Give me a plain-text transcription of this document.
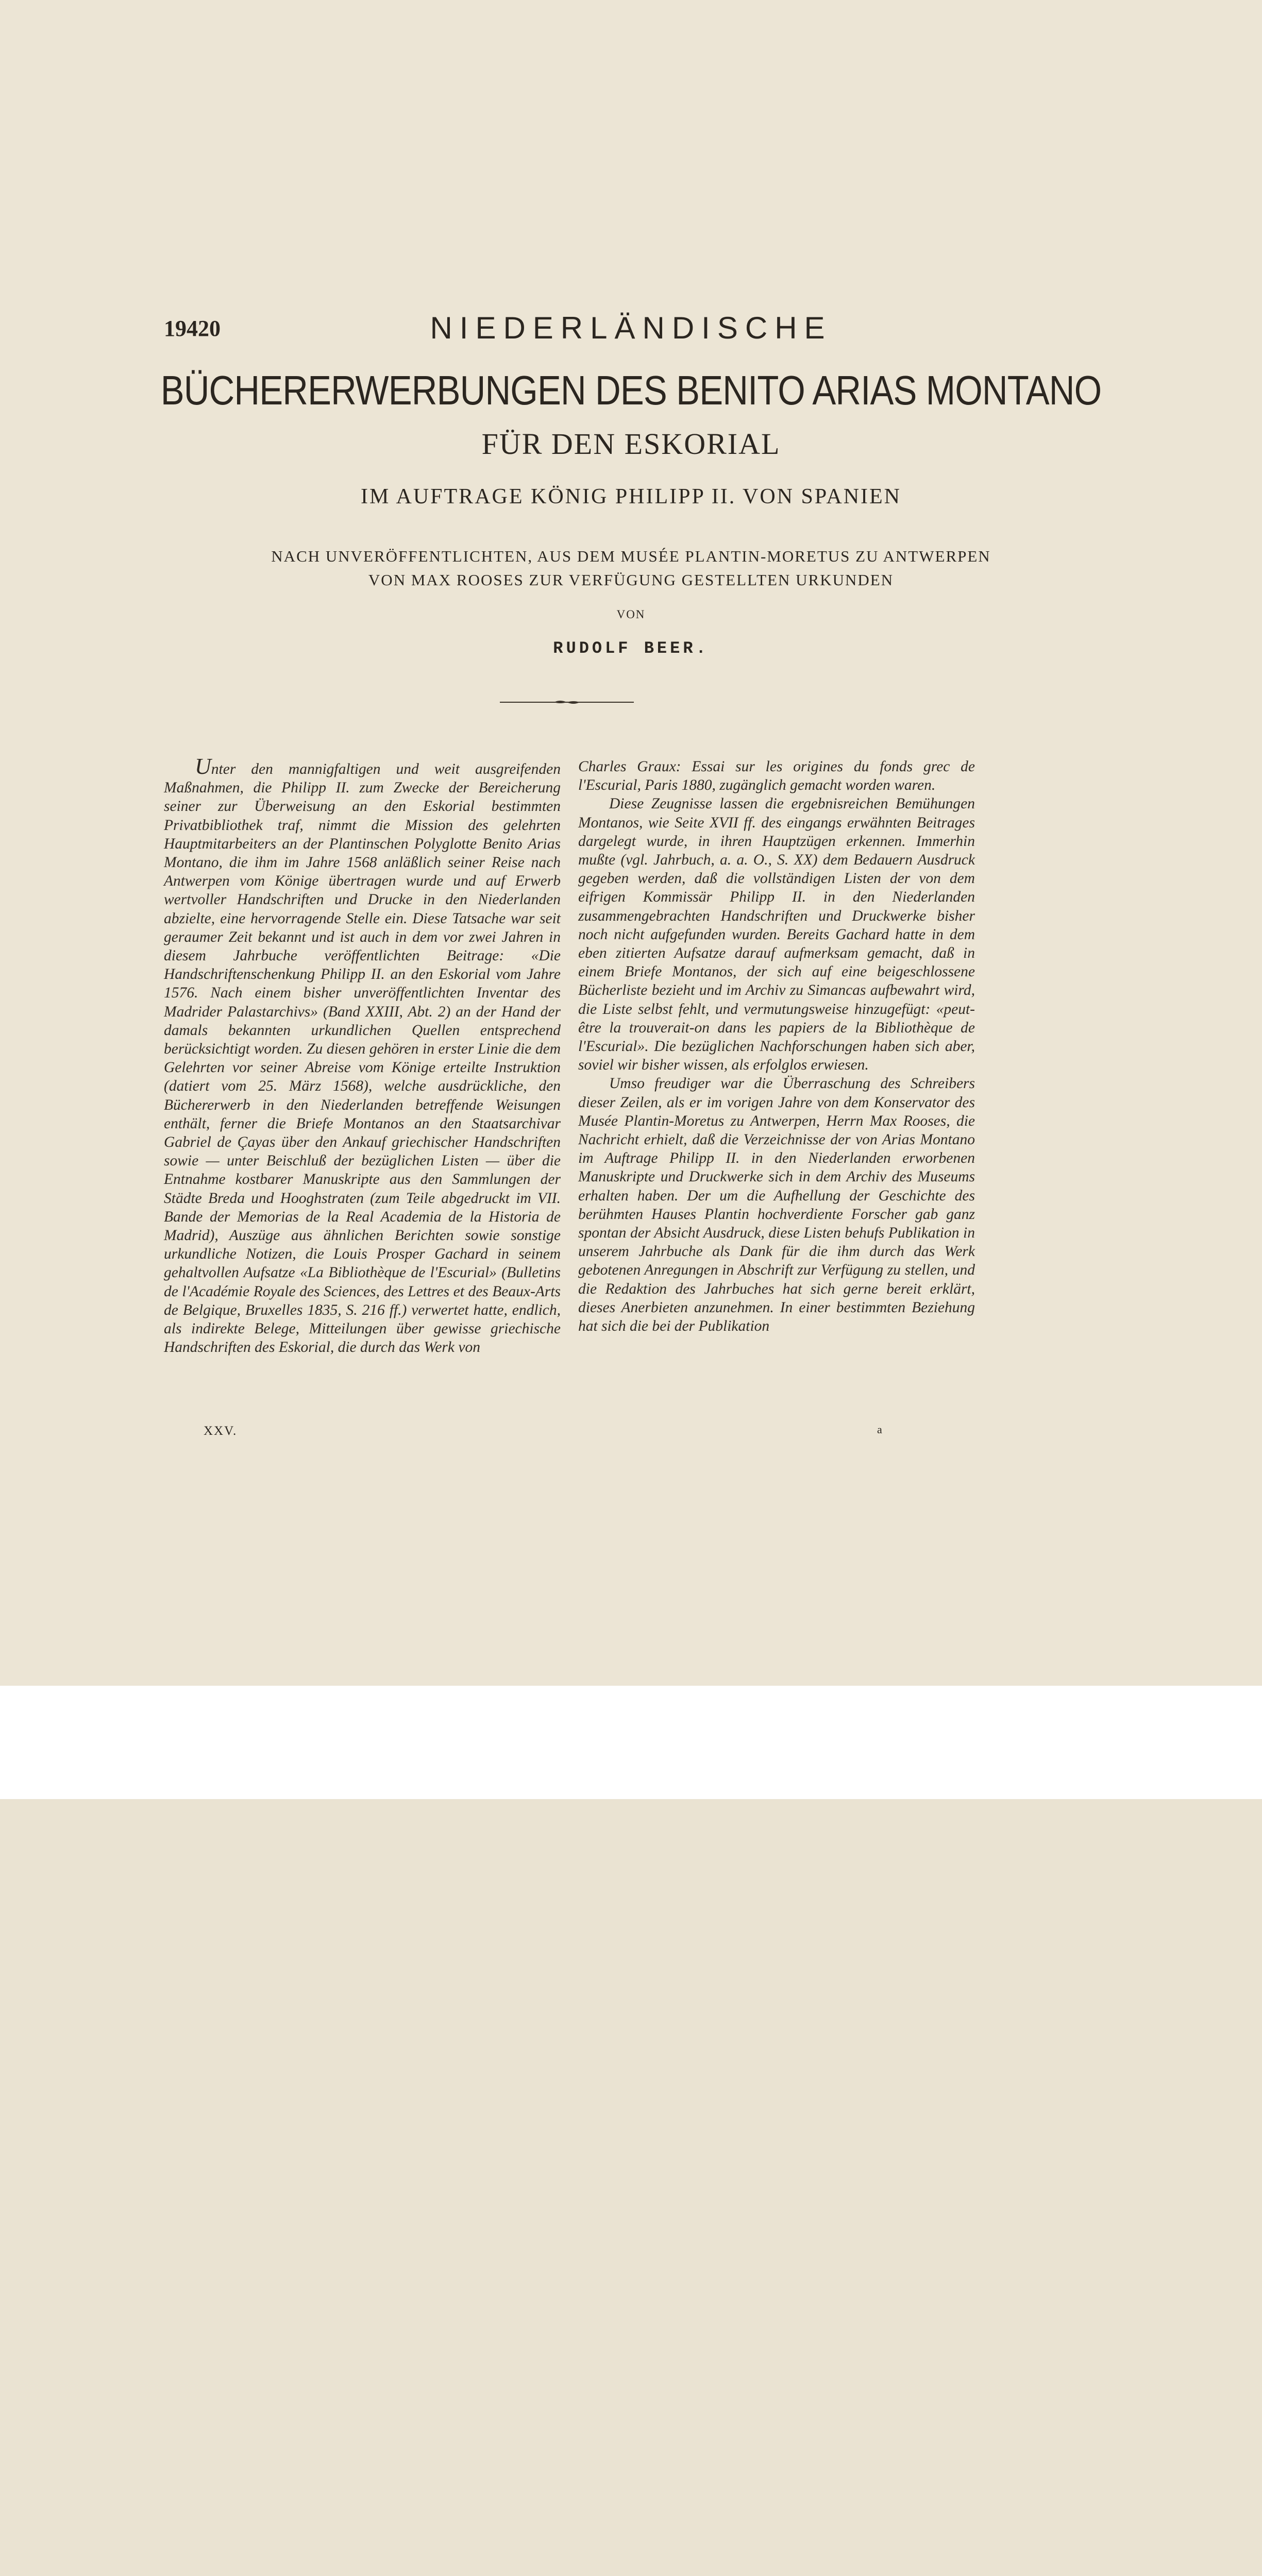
19420	NIEDERLÄNDISCHE
BÜCHERERWERBUNGEN DES BENITO ARIAS MONTANO
FÜR DEN ESKORIAL
IM AUFTRAGE KÖNIG PHILIPP II. VON SPANIEN
NACH UNVERÖFFENTLICHTEN, AUS DEM MUSÉE PLANTIN-MORETUS ZU ANTWERPEN
VON MAX ROOSES ZUR VERFÜGUNG GESTELLTEN URKUNDEN
VON
RUDOLF BEER.

Unter den mannigfaltigen und weit ausgreifenden Maßnahmen, die Philipp II. zum Zwecke der Bereicherung seiner zur Überweisung an den Eskorial bestimmten Privatbibliothek traf, nimmt die Mission des gelehrten Hauptmitarbeiters an der Plantinschen Polyglotte Benito Arias Montano, die ihm im Jahre 1568 anläßlich seiner Reise nach Antwerpen vom Könige übertragen wurde und auf Erwerb wertvoller Handschriften und Drucke in den Niederlanden abzielte, eine hervorragende Stelle ein. Diese Tatsache war seit geraumer Zeit bekannt und ist auch in dem vor zwei Jahren in diesem Jahrbuche veröffentlichten Beitrage: «Die Handschriftenschenkung Philipp II. an den Eskorial vom Jahre 1576. Nach einem bisher unveröffentlichten Inventar des Madrider Palastarchivs» (Band XXIII, Abt. 2) an der Hand der damals bekannten urkundlichen Quellen entsprechend berücksichtigt worden. Zu diesen gehören in erster Linie die dem Gelehrten vor seiner Abreise vom Könige erteilte Instruktion (datiert vom 25. März 1568), welche ausdrückliche, den Büchererwerb in den Niederlanden betreffende Weisungen enthält, ferner die Briefe Montanos an den Staatsarchivar Gabriel de Çayas über den Ankauf griechischer Handschriften sowie — unter Beischluß der bezüglichen Listen — über die Entnahme kostbarer Manuskripte aus den Sammlungen der Städte Breda und Hooghstraten (zum Teile abgedruckt im VII. Bande der Memorias de la Real Academia de la Historia de Madrid), Auszüge aus ähnlichen Berichten sowie sonstige urkundliche Notizen, die Louis Prosper Gachard in seinem gehaltvollen Aufsatze «La Bibliothèque de l'Escurial» (Bulletins de l'Académie Royale des Sciences, des Lettres et des Beaux-Arts de Belgique, Bruxelles 1835, S. 216 ff.) verwertet hatte, endlich, als indirekte Belege, Mitteilungen über gewisse griechische Handschriften des Eskorial, die durch das Werk von

Charles Graux: Essai sur les origines du fonds grec de l'Escurial, Paris 1880, zugänglich gemacht worden waren.

Diese Zeugnisse lassen die ergebnisreichen Bemühungen Montanos, wie Seite XVII ff. des eingangs erwähnten Beitrages dargelegt wurde, in ihren Hauptzügen erkennen. Immerhin mußte (vgl. Jahrbuch, a. a. O., S. XX) dem Bedauern Ausdruck gegeben werden, daß die vollständigen Listen der von dem eifrigen Kommissär Philipp II. in den Niederlanden zusammengebrachten Handschriften und Druckwerke bisher noch nicht aufgefunden wurden. Bereits Gachard hatte in dem eben zitierten Aufsatze darauf aufmerksam gemacht, daß in einem Briefe Montanos, der sich auf eine beigeschlossene Bücherliste bezieht und im Archiv zu Simancas aufbewahrt wird, die Liste selbst fehlt, und vermutungsweise hinzugefügt: «peut-être la trouverait-on dans les papiers de la Bibliothèque de l'Escurial». Die bezüglichen Nachforschungen haben sich aber, soviel wir bisher wissen, als erfolglos erwiesen.

Umso freudiger war die Überraschung des Schreibers dieser Zeilen, als er im vorigen Jahre von dem Konservator des Musée Plantin-Moretus zu Antwerpen, Herrn Max Rooses, die Nachricht erhielt, daß die Verzeichnisse der von Arias Montano im Auftrage Philipp II. in den Niederlanden erworbenen Manuskripte und Druckwerke sich in dem Archiv des Museums erhalten haben. Der um die Aufhellung der Geschichte des berühmten Hauses Plantin hochverdiente Forscher gab ganz spontan der Absicht Ausdruck, diese Listen behufs Publikation in unserem Jahrbuche als Dank für die ihm durch das Werk gebotenen Anregungen in Abschrift zur Verfügung zu stellen, und die Redaktion des Jahrbuches hat sich gerne bereit erklärt, dieses Anerbieten anzunehmen. In einer bestimmten Beziehung hat sich die bei der Publikation

XXV.	a
